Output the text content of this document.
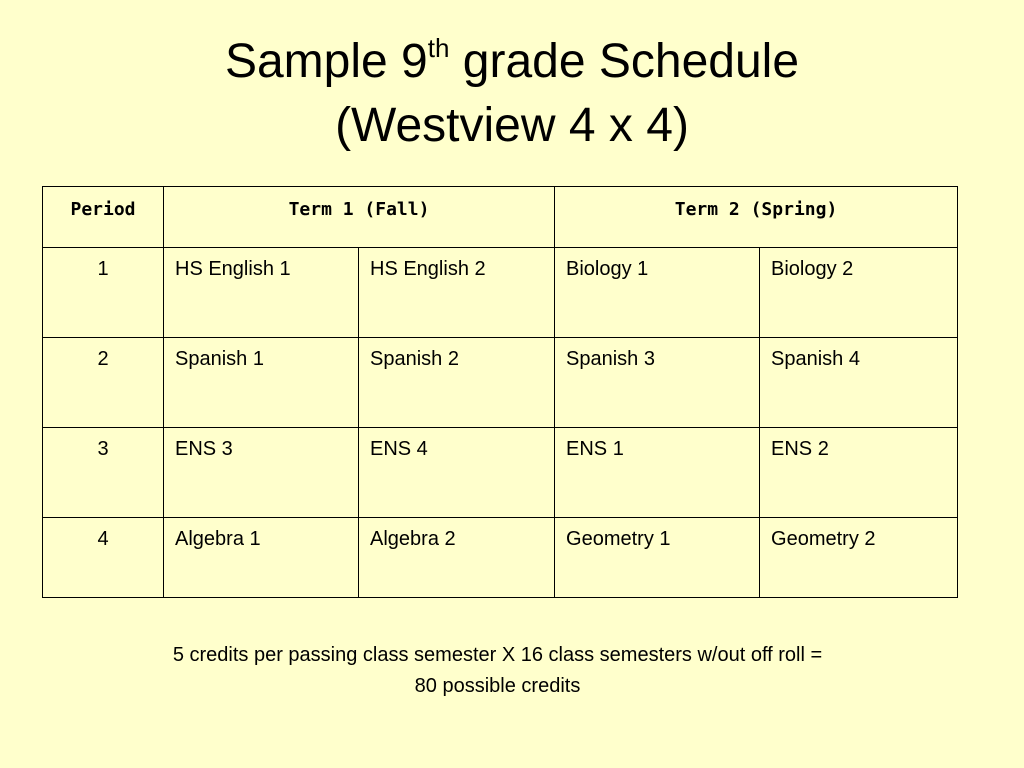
Sample 9th grade Schedule
(Westview 4 x 4)
Period	Term 1 (Fall)		Term 2 (Spring)	
1	HS English 1	HS English 2	Biology 1	Biology 2
2	Spanish 1	Spanish 2	Spanish 3	Spanish 4
3	ENS 3	ENS 4	ENS 1	ENS 2
4	Algebra 1	Algebra 2	Geometry 1	Geometry 2
5 credits per passing class semester X 16 class semesters w/out off roll =
80 possible credits
